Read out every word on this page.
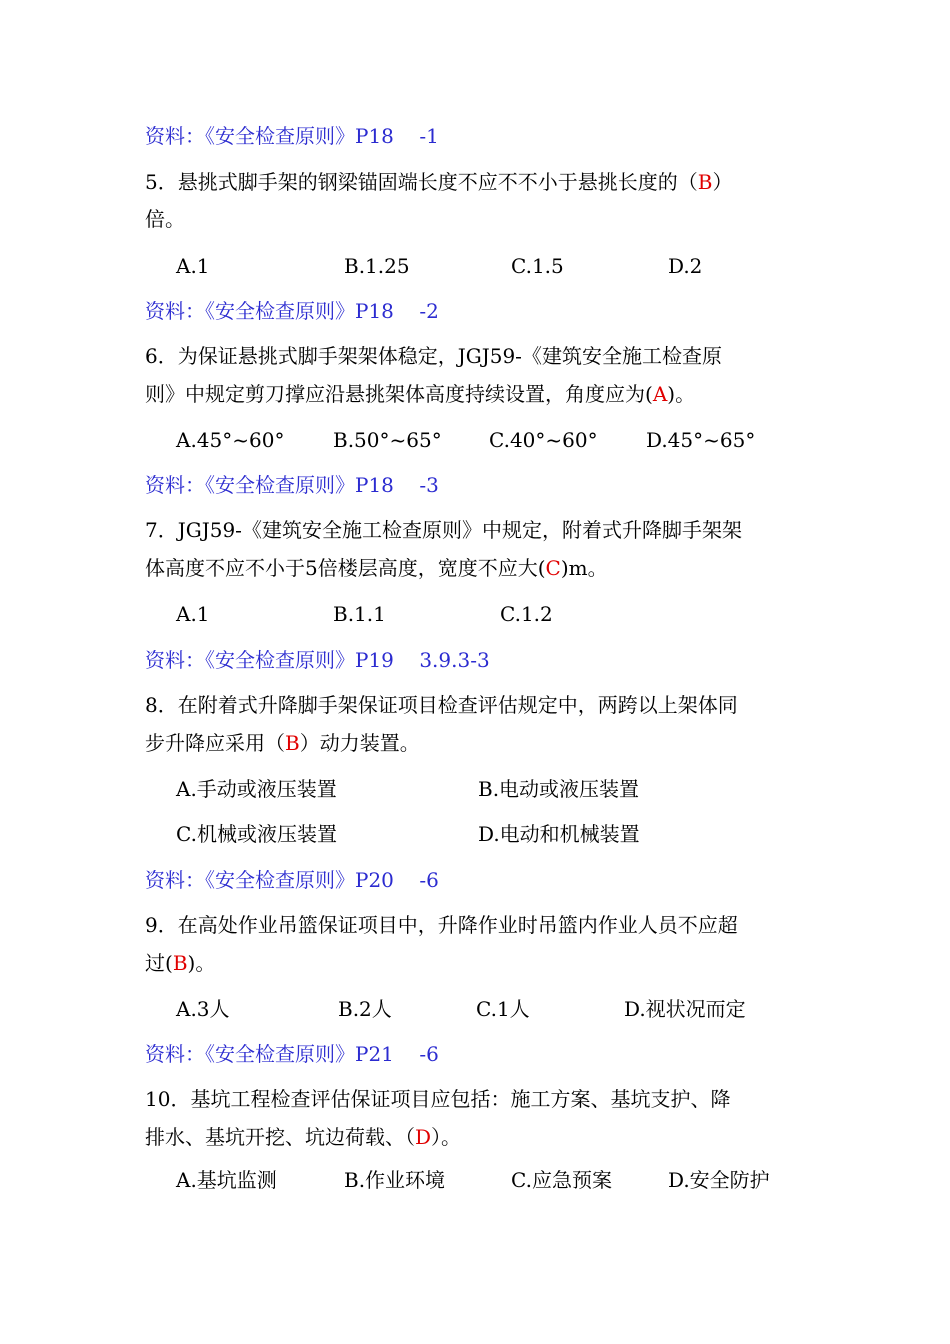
资料：《安全检查原则》P18    -1
5．悬挑式脚手架的钢梁锚固端长度不应不不小于悬挑长度的（B）
倍。
A.1	B.1.25	C.1.5	D.2
资料：《安全检查原则》P18    -2
6．为保证悬挑式脚手架架体稳定，JGJ59-《建筑安全施工检查原
则》中规定剪刀撑应沿悬挑架体高度持续设置，角度应为(A)。
A.45°~60° B.50°~65° C.40°~60° D.45°~65°
资料：《安全检查原则》P18    -3
7．JGJ59-《建筑安全施工检查原则》中规定，附着式升降脚手架架
体高度不应不小于5倍楼层高度，宽度不应大(C)m。
A.1	B.1.1	C.1.2
资料：《安全检查原则》P19    3.9.3-3
8．在附着式升降脚手架保证项目检查评估规定中，两跨以上架体同
步升降应采用（B）动力装置。
A.手动或液压装置	B.电动或液压装置
C.机械或液压装置	D.电动和机械装置
资料：《安全检查原则》P20    -6
9．在高处作业吊篮保证项目中，升降作业时吊篮内作业人员不应超
过(B)。
A.3人	B.2人	C.1人	D.视状况而定
资料：《安全检查原则》P21    -6
10．基坑工程检查评估保证项目应包括：施工方案、基坑支护、降
排水、基坑开挖、坑边荷载、（D）。
A.基坑监测	B.作业环境	C.应急预案	D.安全防护
